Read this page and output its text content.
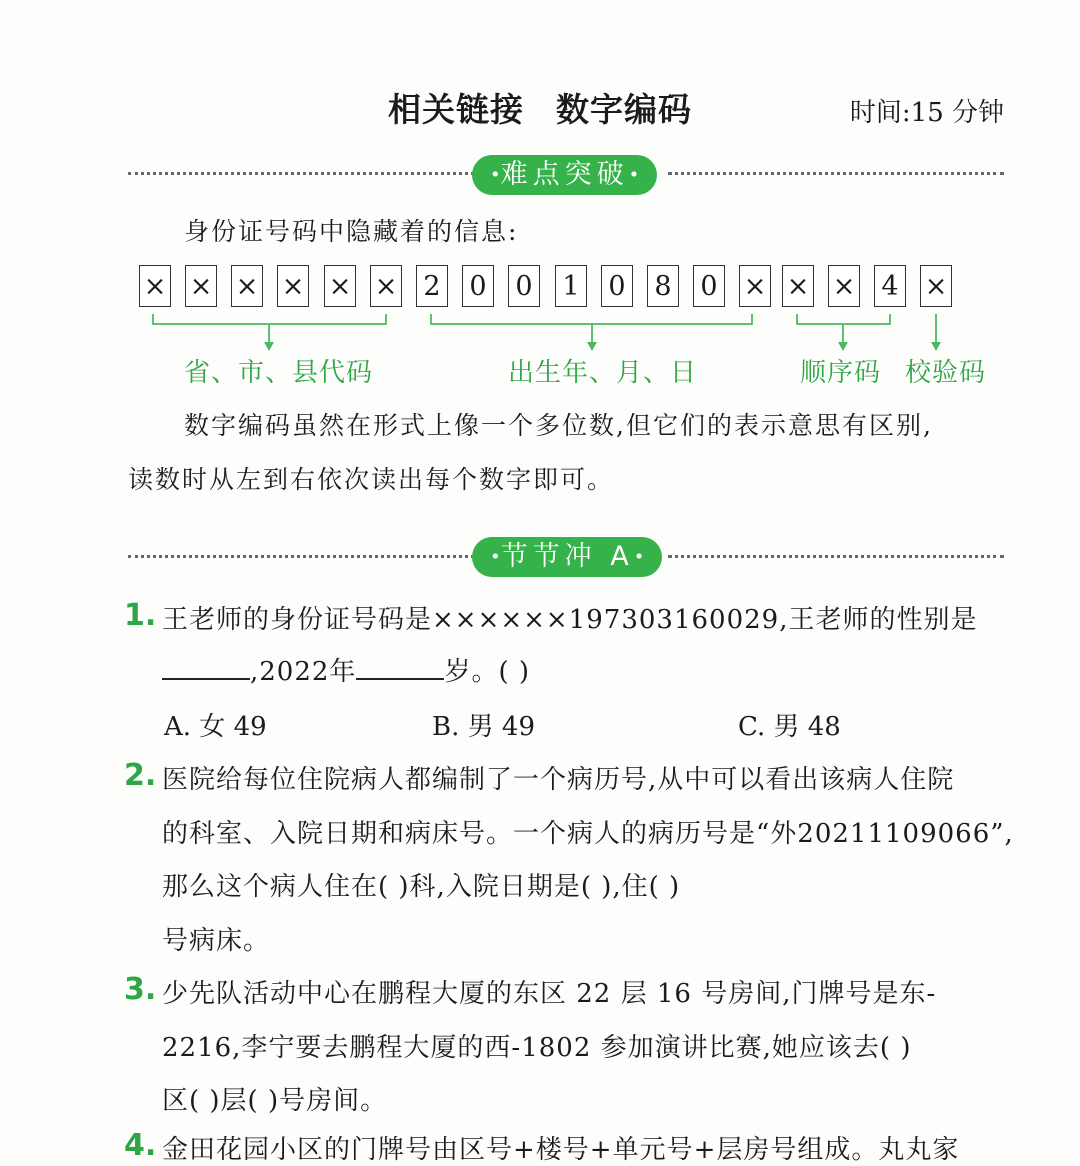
相关链接 数字编码	时间:15 分钟
•难点突破•
身份证号码中隐藏着的信息:
× × × × × × 2 0 0 1 0 8 0 × × × 4 ×
省、市、县代码	出生年、月、日	顺序码 校验码
数字编码虽然在形式上像一个多位数,但它们的表示意思有区别,
读数时从左到右依次读出每个数字即可。
•节节冲 A•
1. 王老师的身份证号码是××××××197303160029,王老师的性别是
,2022年	岁。( )
A. 女 49	B. 男 49	C. 男 48
2. 医院给每位住院病人都编制了一个病历号,从中可以看出该病人住院
的科室、入院日期和病床号。一个病人的病历号是“外20211109066”,
那么这个病人住在( )科,入院日期是( ),住( )
号病床。
3. 少先队活动中心在鹏程大厦的东区 22 层 16 号房间,门牌号是东-
2216,李宁要去鹏程大厦的西-1802 参加演讲比赛,她应该去( )
区( )层( )号房间。
4. 金田花园小区的门牌号由区号+楼号+单元号+层房号组成。丸丸家
